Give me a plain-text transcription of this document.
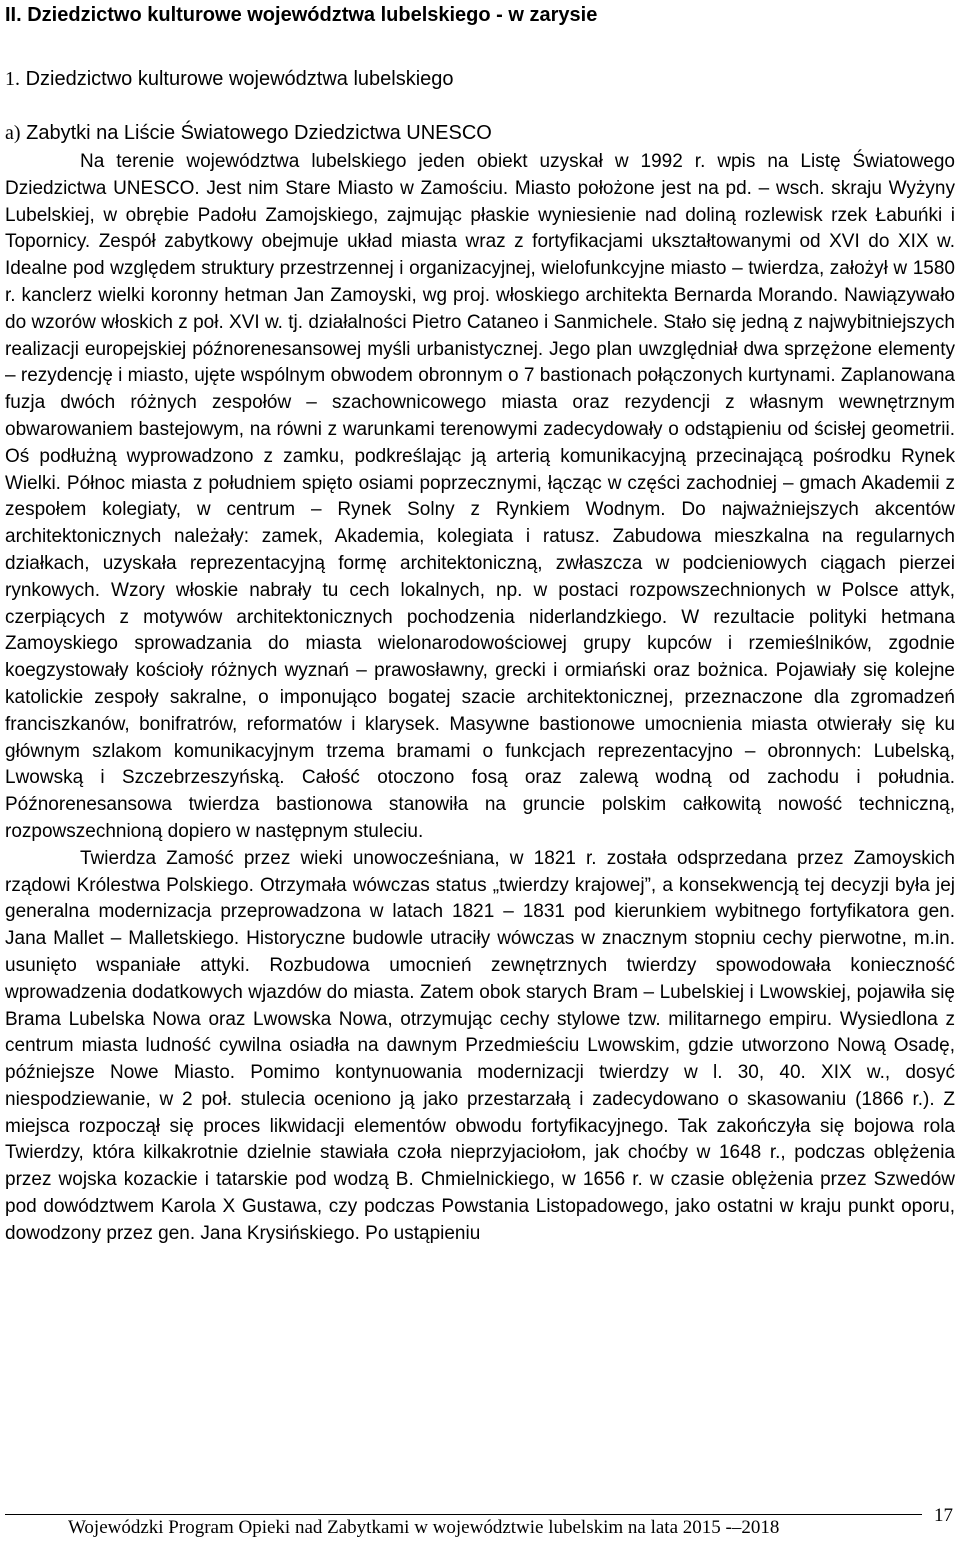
II. Dziedzictwo kulturowe województwa lubelskiego - w zarysie
1. Dziedzictwo kulturowe województwa lubelskiego
a) Zabytki na Liście Światowego Dziedzictwa UNESCO

Na terenie województwa lubelskiego jeden obiekt uzyskał w 1992 r. wpis na Listę Światowego Dziedzictwa UNESCO. Jest nim Stare Miasto w Zamościu. Miasto położone jest na pd. – wsch. skraju Wyżyny Lubelskiej, w obrębie Padołu Zamojskiego, zajmując płaskie wyniesienie nad doliną rozlewisk rzek Łabuńki i Topornicy. Zespół zabytkowy obejmuje układ miasta wraz z fortyfikacjami ukształtowanymi od XVI do XIX w. Idealne pod względem struktury przestrzennej i organizacyjnej, wielofunkcyjne miasto – twierdza, założył w 1580 r. kanclerz wielki koronny hetman Jan Zamoyski, wg proj. włoskiego architekta Bernarda Morando. Nawiązywało do wzorów włoskich z poł. XVI w. tj. działalności Pietro Cataneo i Sanmichele. Stało się jedną z najwybitniejszych realizacji europejskiej późnorenesansowej myśli urbanistycznej. Jego plan uwzględniał dwa sprzężone elementy – rezydencję i miasto, ujęte wspólnym obwodem obronnym o 7 bastionach połączonych kurtynami. Zaplanowana fuzja dwóch różnych zespołów – szachownicowego miasta oraz rezydencji z własnym wewnętrznym obwarowaniem bastejowym, na równi z warunkami terenowymi zadecydowały o odstąpieniu od ścisłej geometrii. Oś podłużną wyprowadzono z zamku, podkreślając ją arterią komunikacyjną przecinającą pośrodku Rynek Wielki. Północ miasta z południem spięto osiami poprzecznymi, łącząc w części zachodniej – gmach Akademii z zespołem kolegiaty, w centrum – Rynek Solny z Rynkiem Wodnym. Do najważniejszych akcentów architektonicznych należały: zamek, Akademia, kolegiata i ratusz. Zabudowa mieszkalna na regularnych działkach, uzyskała reprezentacyjną formę architektoniczną, zwłaszcza w podcieniowych ciągach pierzei rynkowych. Wzory włoskie nabrały tu cech lokalnych, np. w postaci rozpowszechnionych w Polsce attyk, czerpiących z motywów architektonicznych pochodzenia niderlandzkiego. W rezultacie polityki hetmana Zamoyskiego sprowadzania do miasta wielonarodowościowej grupy kupców i rzemieślników, zgodnie koegzystowały kościoły różnych wyznań – prawosławny, grecki i ormiański oraz bożnica. Pojawiały się kolejne katolickie zespoły sakralne, o imponująco bogatej szacie architektonicznej, przeznaczone dla zgromadzeń franciszkanów, bonifratrów, reformatów i klarysek. Masywne bastionowe umocnienia miasta otwierały się ku głównym szlakom komunikacyjnym trzema bramami o funkcjach reprezentacyjno – obronnych: Lubelską, Lwowską i Szczebrzeszyńską. Całość otoczono fosą oraz zalewą wodną od zachodu i południa. Późnorenesansowa twierdza bastionowa stanowiła na gruncie polskim całkowitą nowość techniczną, rozpowszechnioną dopiero w następnym stuleciu.

Twierdza Zamość przez wieki unowocześniana, w 1821 r. została odsprzedana przez Zamoyskich rządowi Królestwa Polskiego. Otrzymała wówczas status „twierdzy krajowej”, a konsekwencją tej decyzji była jej generalna modernizacja przeprowadzona w latach 1821 – 1831 pod kierunkiem wybitnego fortyfikatora gen. Jana Mallet – Malletskiego. Historyczne budowle utraciły wówczas w znacznym stopniu cechy pierwotne, m.in. usunięto wspaniałe attyki. Rozbudowa umocnień zewnętrznych twierdzy spowodowała konieczność wprowadzenia dodatkowych wjazdów do miasta. Zatem obok starych Bram – Lubelskiej i Lwowskiej, pojawiła się Brama Lubelska Nowa oraz Lwowska Nowa, otrzymując cechy stylowe tzw. militarnego empiru. Wysiedlona z centrum miasta ludność cywilna osiadła na dawnym Przedmieściu Lwowskim, gdzie utworzono Nową Osadę, późniejsze Nowe Miasto. Pomimo kontynuowania modernizacji twierdzy w l. 30, 40. XIX w., dosyć niespodziewanie, w 2 poł. stulecia oceniono ją jako przestarzałą i zadecydowano o skasowaniu (1866 r.). Z miejsca rozpoczął się proces likwidacji elementów obwodu fortyfikacyjnego. Tak zakończyła się bojowa rola Twierdzy, która kilkakrotnie dzielnie stawiała czoła nieprzyjaciołom, jak choćby w 1648 r., podczas oblężenia przez wojska kozackie i tatarskie pod wodzą B. Chmielnickiego, w 1656 r. w czasie oblężenia przez Szwedów pod dowództwem Karola X Gustawa, czy podczas Powstania Listopadowego, jako ostatni w kraju punkt oporu, dowodzony przez gen. Jana Krysińskiego. Po ustąpieniu

Wojewódzki Program Opieki nad Zabytkami w województwie lubelskim na lata 2015 -–2018
17
